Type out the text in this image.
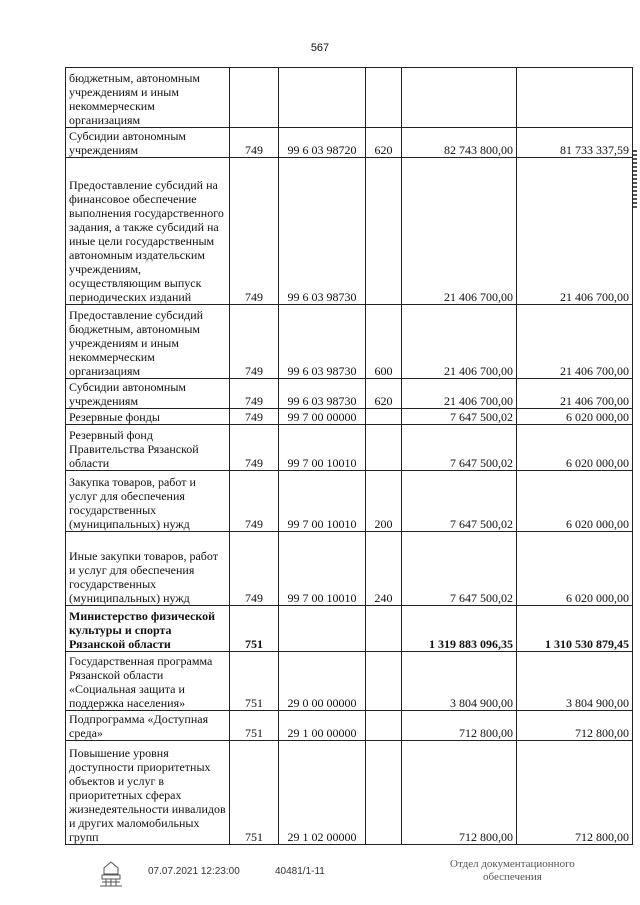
567
бюджетным, автономным учреждениям и иным некоммерческим организациям					
Субсидии автономным учреждениям	749	99 6 03 98720	620	82 743 800,00	81 733 337,59
Предоставление субсидий на финансовое обеспечение выполнения государственного задания, а также субсидий на иные цели государственным автономным издательским учреждениям, осуществляющим выпуск периодических изданий	749	99 6 03 98730		21 406 700,00	21 406 700,00
Предоставление субсидий бюджетным, автономным учреждениям и иным некоммерческим организациям	749	99 6 03 98730	600	21 406 700,00	21 406 700,00
Субсидии автономным учреждениям	749	99 6 03 98730	620	21 406 700,00	21 406 700,00
Резервные фонды	749	99 7 00 00000		7 647 500,02	6 020 000,00
Резервный фонд Правительства Рязанской области	749	99 7 00 10010		7 647 500,02	6 020 000,00
Закупка товаров, работ и услуг для обеспечения государственных (муниципальных) нужд	749	99 7 00 10010	200	7 647 500,02	6 020 000,00
Иные закупки товаров, работ и услуг для обеспечения государственных (муниципальных) нужд	749	99 7 00 10010	240	7 647 500,02	6 020 000,00
Министерство физической культуры и спорта Рязанской области	751			1 319 883 096,35	1 310 530 879,45
Государственная программа Рязанской области «Социальная защита и поддержка населения»	751	29 0 00 00000		3 804 900,00	3 804 900,00
Подпрограмма «Доступная среда»	751	29 1 00 00000		712 800,00	712 800,00
Повышение уровня доступности приоритетных объектов и услуг в приоритетных сферах жизнедеятельности инвалидов и других маломобильных групп	751	29 1 02 00000		712 800,00	712 800,00
07.07.2021 12:23:00	40481/1-11
Отдел документационного
обеспечения
